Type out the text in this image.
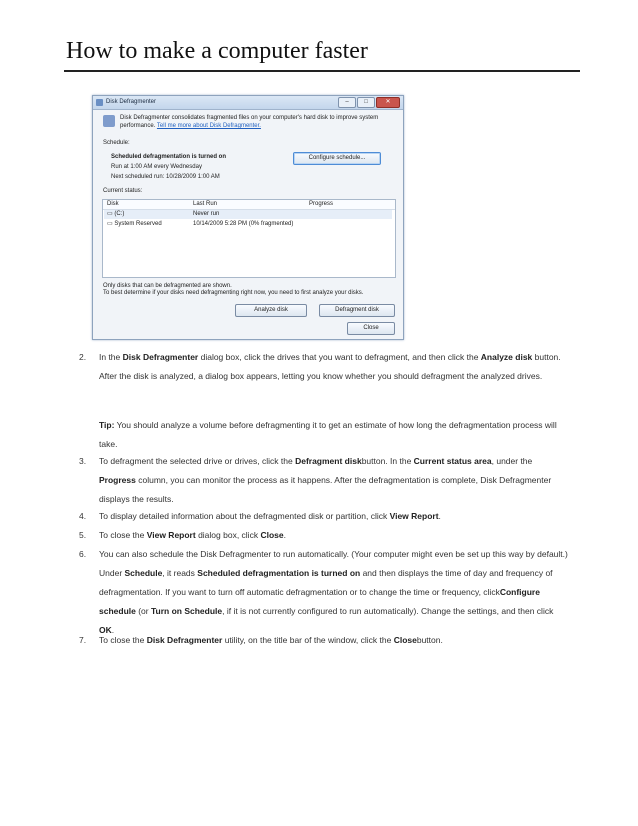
How to make a computer faster
Disk Defragmenter	–	□	✕
Disk Defragmenter consolidates fragmented files on your computer's hard disk to improve system performance. Tell me more about Disk Defragmenter.
Schedule:
Scheduled defragmentation is turned on
Run at 1:00 AM every Wednesday
Next scheduled run: 10/28/2009 1:00 AM
Configure schedule...
Current status:
Disk	Last Run	Progress
▭ (C:)	Never run
▭ System Reserved	10/14/2009 5:28 PM (0% fragmented)
Only disks that can be defragmented are shown.
To best determine if your disks need defragmenting right now, you need to first analyze your disks.
Analyze disk	Defragment disk
Close
2.	In the Disk Defragmenter dialog box, click the drives that you want to defragment, and then click the Analyze disk button. After the disk is analyzed, a dialog box appears, letting you know whether you should defragment the analyzed drives.
Tip: You should analyze a volume before defragmenting it to get an estimate of how long the defragmentation process will take.
3.	To defragment the selected drive or drives, click the Defragment diskbutton. In the Current status area, under the Progress column, you can monitor the process as it happens. After the defragmentation is complete, Disk Defragmenter displays the results.
4.	To display detailed information about the defragmented disk or partition, click View Report.
5.	To close the View Report dialog box, click Close.
6.	You can also schedule the Disk Defragmenter to run automatically. (Your computer might even be set up this way by default.) Under Schedule, it reads Scheduled defragmentation is turned on and then displays the time of day and frequency of defragmentation. If you want to turn off automatic defragmentation or to change the time or frequency, clickConfigure schedule (or Turn on Schedule, if it is not currently configured to run automatically). Change the settings, and then click OK.
7.	To close the Disk Defragmenter utility, on the title bar of the window, click the Closebutton.
